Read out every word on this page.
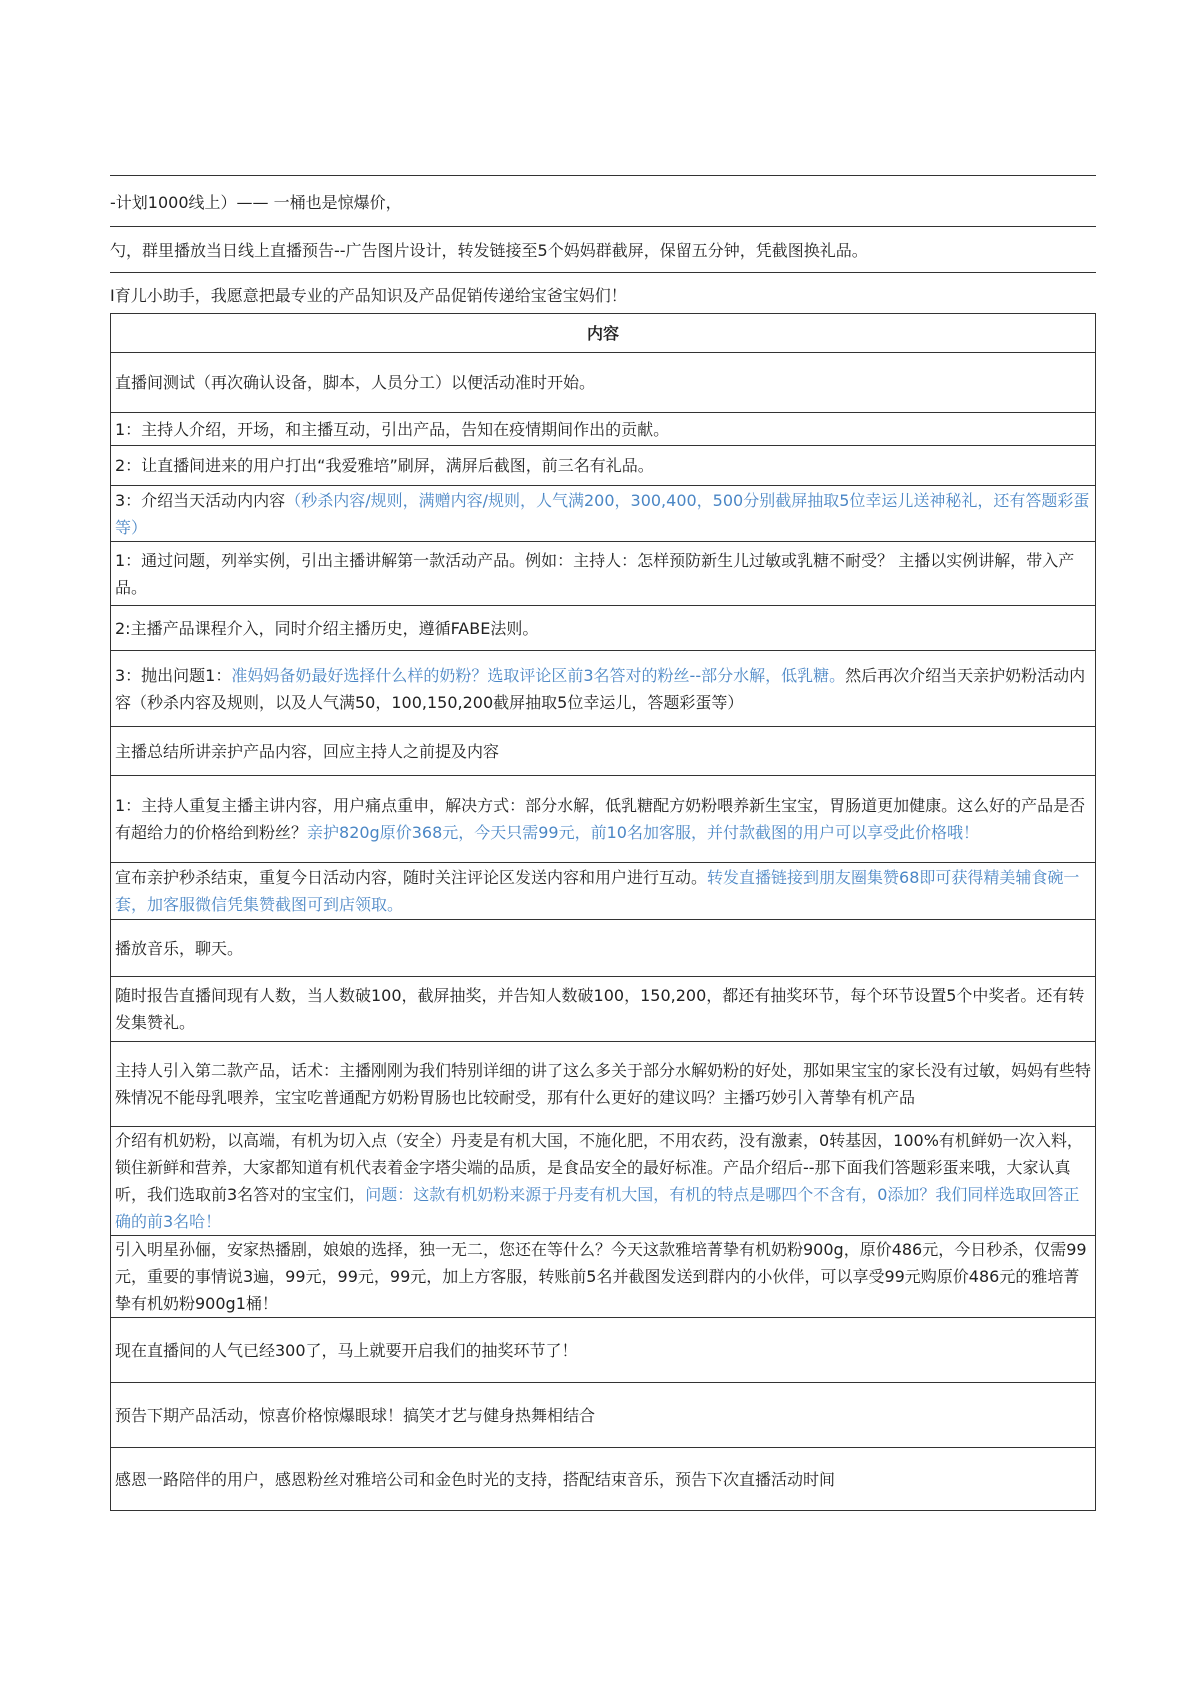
-计划1000线上）—— 一桶也是惊爆价，
勺，群里播放当日线上直播预告--广告图片设计，转发链接至5个妈妈群截屏，保留五分钟，凭截图换礼品。
I育儿小助手，我愿意把最专业的产品知识及产品促销传递给宝爸宝妈们！
内容
直播间测试（再次确认设备，脚本，人员分工）以便活动准时开始。
1：主持人介绍，开场，和主播互动，引出产品，告知在疫情期间作出的贡献。
2：让直播间进来的用户打出“我爱雅培”刷屏，满屏后截图，前三名有礼品。
3：介绍当天活动内内容（秒杀内容/规则，满赠内容/规则，人气满200，300,400，500分别截屏抽取5位幸运儿送神秘礼，还有答题彩蛋等）
1：通过问题，列举实例，引出主播讲解第一款活动产品。例如：主持人：怎样预防新生儿过敏或乳糖不耐受？ 主播以实例讲解，带入产品。
2:主播产品课程介入，同时介绍主播历史，遵循FABE法则。
3：抛出问题1：准妈妈备奶最好选择什么样的奶粉？选取评论区前3名答对的粉丝--部分水解，低乳糖。然后再次介绍当天亲护奶粉活动内容（秒杀内容及规则，以及人气满50，100,150,200截屏抽取5位幸运儿，答题彩蛋等）
主播总结所讲亲护产品内容，回应主持人之前提及内容
1：主持人重复主播主讲内容，用户痛点重申，解决方式：部分水解，低乳糖配方奶粉喂养新生宝宝，胃肠道更加健康。这么好的产品是否有超给力的价格给到粉丝？亲护820g原价368元，今天只需99元，前10名加客服，并付款截图的用户可以享受此价格哦！
宣布亲护秒杀结束，重复今日活动内容，随时关注评论区发送内容和用户进行互动。转发直播链接到朋友圈集赞68即可获得精美辅食碗一套，加客服微信凭集赞截图可到店领取。
播放音乐，聊天。
随时报告直播间现有人数，当人数破100，截屏抽奖，并告知人数破100，150,200，都还有抽奖环节，每个环节设置5个中奖者。还有转发集赞礼。

主持人引入第二款产品，话术：主播刚刚为我们特别详细的讲了这么多关于部分水解奶粉的好处，那如果宝宝的家长没有过敏，妈妈有些特殊情况不能母乳喂养，宝宝吃普通配方奶粉胃肠也比较耐受，那有什么更好的建议吗？主播巧妙引入菁挚有机产品

介绍有机奶粉，以高端，有机为切入点（安全）丹麦是有机大国，不施化肥，不用农药，没有激素，0转基因，100%有机鲜奶一次入料，锁住新鲜和营养，大家都知道有机代表着金字塔尖端的品质，是食品安全的最好标准。产品介绍后--那下面我们答题彩蛋来哦，大家认真听，我们选取前3名答对的宝宝们，问题：这款有机奶粉来源于丹麦有机大国，有机的特点是哪四个不含有，0添加？我们同样选取回答正确的前3名哈！
引入明星孙俪，安家热播剧，娘娘的选择，独一无二，您还在等什么？今天这款雅培菁挚有机奶粉900g，原价486元，今日秒杀，仅需99元，重要的事情说3遍，99元，99元，99元，加上方客服，转账前5名并截图发送到群内的小伙伴，可以享受99元购原价486元的雅培菁挚有机奶粉900g1桶！
现在直播间的人气已经300了，马上就要开启我们的抽奖环节了！
预告下期产品活动，惊喜价格惊爆眼球！搞笑才艺与健身热舞相结合
感恩一路陪伴的用户，感恩粉丝对雅培公司和金色时光的支持，搭配结束音乐，预告下次直播活动时间
